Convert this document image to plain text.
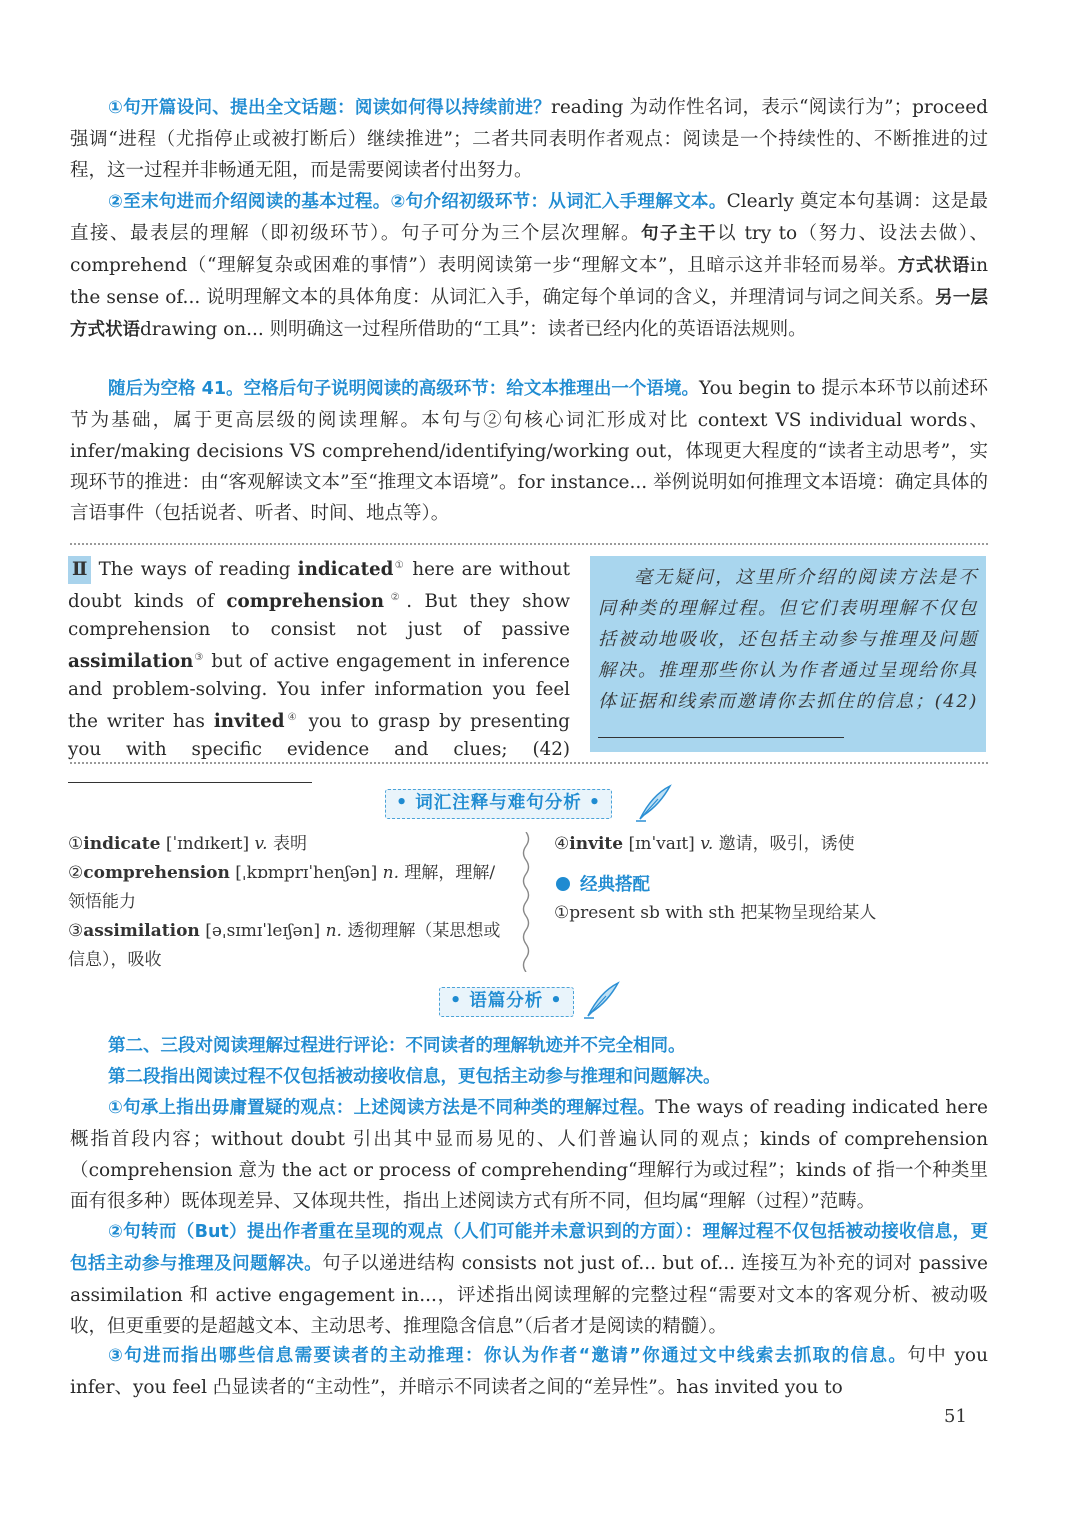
①句开篇设问、提出全文话题：阅读如何得以持续前进？reading 为动作性名词，表示“阅读行为”；proceed 强调“进程（尤指停止或被打断后）继续推进”；二者共同表明作者观点：阅读是一个持续性的、不断推进的过程，这一过程并非畅通无阻，而是需要阅读者付出努力。

②至末句进而介绍阅读的基本过程。②句介绍初级环节：从词汇入手理解文本。Clearly 奠定本句基调：这是最直接、最表层的理解（即初级环节）。句子可分为三个层次理解。句子主干以 try to（努力、设法去做）、comprehend（“理解复杂或困难的事情”）表明阅读第一步“理解文本”，且暗示这并非轻而易举。方式状语in the sense of... 说明理解文本的具体角度：从词汇入手，确定每个单词的含义，并理清词与词之间关系。另一层方式状语drawing on... 则明确这一过程所借助的“工具”：读者已经内化的英语语法规则。

随后为空格 41。空格后句子说明阅读的高级环节：给文本推理出一个语境。You begin to 提示本环节以前述环节为基础，属于更高层级的阅读理解。本句与②句核心词汇形成对比 context VS individual words、infer/making decisions VS comprehend/identifying/working out，体现更大程度的“读者主动思考”，实现环节的推进：由“客观解读文本”至“推理文本语境”。for instance... 举例说明如何推理文本语境：确定具体的言语事件（包括说者、听者、时间、地点等）。

Ⅱ The ways of reading indicated① here are without doubt kinds of comprehension②. But they show comprehension to consist not just of passive assimilation③ but of active engagement in inference and problem-solving. You infer information you feel the writer has invited④ you to grasp by presenting you with specific evidence and clues; (42)

毫无疑问，这里所介绍的阅读方法是不同种类的理解过程。但它们表明理解不仅包括被动地吸收，还包括主动参与推理及问题解决。推理那些你认为作者通过呈现给你具体证据和线索而邀请你去抓住的信息；(42)

• 词汇注释与难句分析 •
①indicate [ˈɪndɪkeɪt] v. 表明
②comprehension [ˌkɒmprɪˈhenʃən] n. 理解，理解/领悟能力
③assimilation [əˌsɪmɪˈleɪʃən] n. 透彻理解（某思想或信息），吸收
④invite [ɪnˈvaɪt] v. 邀请，吸引，诱使
经典搭配
①present sb with sth 把某物呈现给某人
• 语篇分析 •

第二、三段对阅读理解过程进行评论：不同读者的理解轨迹并不完全相同。

第二段指出阅读过程不仅包括被动接收信息，更包括主动参与推理和问题解决。

①句承上指出毋庸置疑的观点：上述阅读方法是不同种类的理解过程。The ways of reading indicated here 概指首段内容；without doubt 引出其中显而易见的、人们普遍认同的观点；kinds of comprehension（comprehension 意为 the act or process of comprehending“理解行为或过程”；kinds of 指一个种类里面有很多种）既体现差异、又体现共性，指出上述阅读方式有所不同，但均属“理解（过程）”范畴。

②句转而（But）提出作者重在呈现的观点（人们可能并未意识到的方面）：理解过程不仅包括被动接收信息，更包括主动参与推理及问题解决。句子以递进结构 consists not just of... but of... 连接互为补充的词对 passive assimilation 和 active engagement in...，评述指出阅读理解的完整过程“需要对文本的客观分析、被动吸收，但更重要的是超越文本、主动思考、推理隐含信息”（后者才是阅读的精髓）。

③句进而指出哪些信息需要读者的主动推理：你认为作者“邀请”你通过文中线索去抓取的信息。句中 you infer、you feel 凸显读者的“主动性”，并暗示不同读者之间的“差异性”。has invited you to

51
